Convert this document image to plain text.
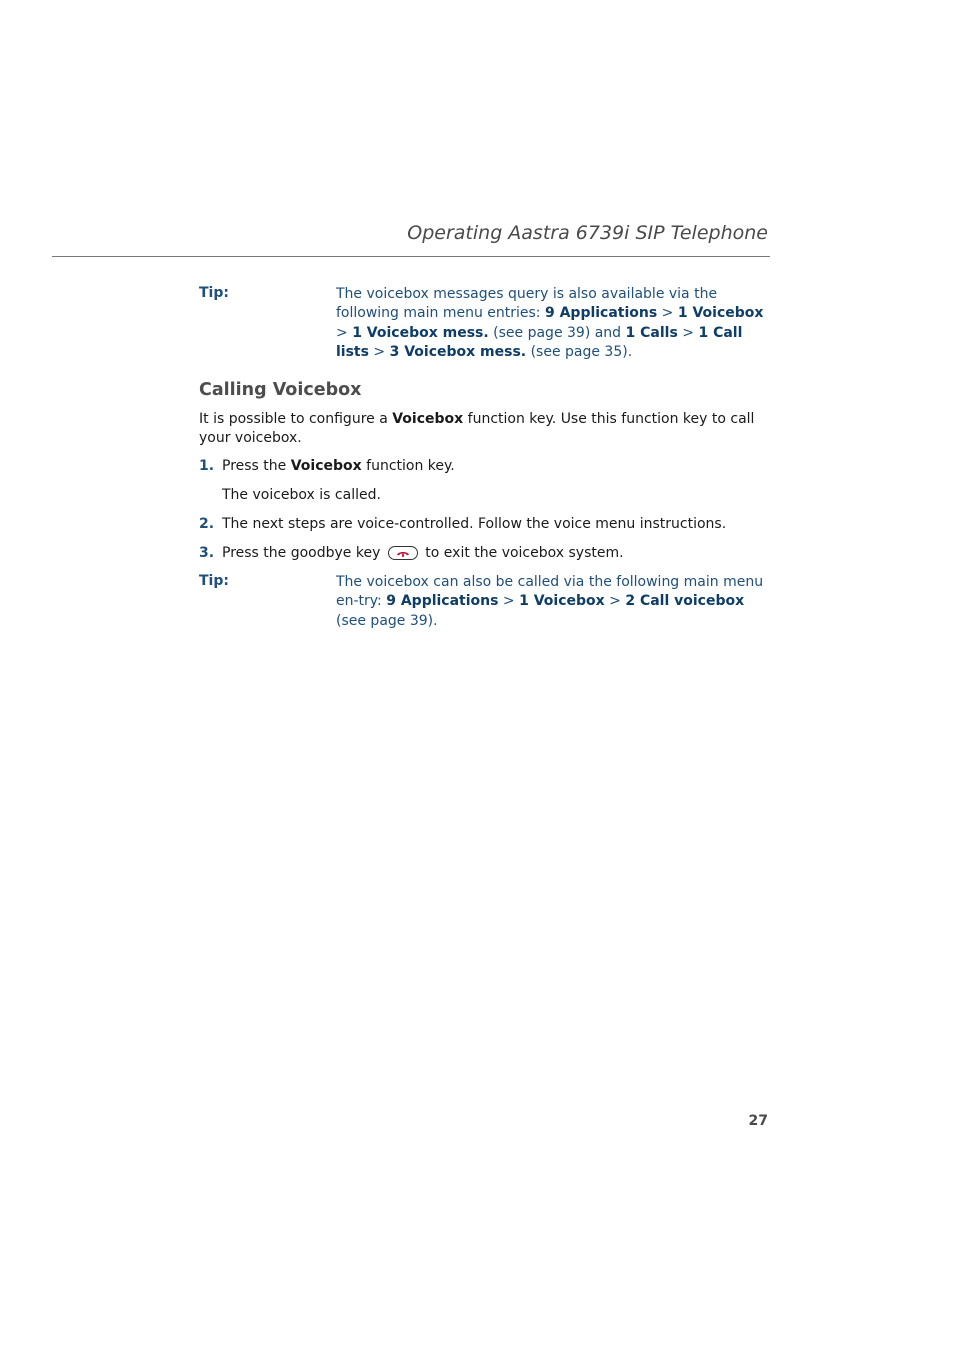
Operating Aastra 6739i SIP Telephone
Tip:	The voicebox messages query is also available via the following main menu entries: 9 Applications > 1 Voicebox > 1 Voicebox mess. (see page 39) and 1 Calls > 1 Call lists > 3 Voicebox mess. (see page 35).
Calling Voicebox
It is possible to configure a Voicebox function key. Use this function key to call your voicebox.
1. Press the Voicebox function key.
The voicebox is called.
2. The next steps are voice-controlled. Follow the voice menu instructions.
3. Press the goodbye key	to exit the voicebox system.
Tip:	The voicebox can also be called via the following main menu en-try: 9 Applications > 1 Voicebox > 2 Call voicebox (see page 39).
27
